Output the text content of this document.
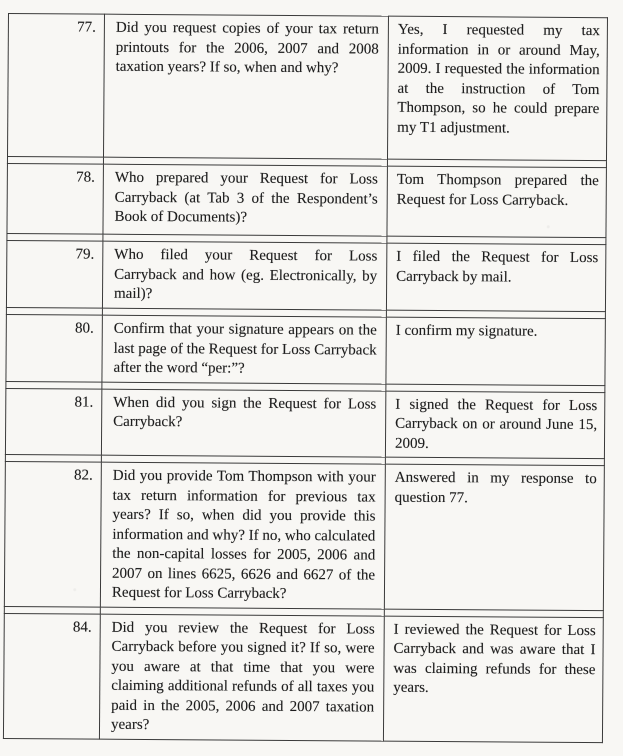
77.	Did you request copies of your tax return printouts for the 2006, 2007 and 2008 taxation years? If so, when and why?	Yes, I requested my tax information in or around May, 2009. I requested the information at the instruction of Tom Thompson, so he could prepare my T1 adjustment.

78.	Who prepared your Request for Loss Carryback (at Tab 3 of the Respondent’s Book of Documents)?	Tom Thompson prepared the Request for Loss Carryback.

79.	Who filed your Request for Loss Carryback and how (eg. Electronically, by mail)?	I filed the Request for Loss Carryback by mail.

80.	Confirm that your signature appears on the last page of the Request for Loss Carryback after the word “per:”?	I confirm my signature.

81.	When did you sign the Request for Loss Carryback?	I signed the Request for Loss Carryback on or around June 15, 2009.

82.	Did you provide Tom Thompson with your tax return information for previous tax years? If so, when did you provide this information and why? If no, who calculated the non-capital losses for 2005, 2006 and 2007 on lines 6625, 6626 and 6627 of the Request for Loss Carryback?	Answered in my response to question 77.

84.	Did you review the Request for Loss Carryback before you signed it? If so, were you aware at that time that you were claiming additional refunds of all taxes you paid in the 2005, 2006 and 2007 taxation years?	I reviewed the Request for Loss Carryback and was aware that I was claiming refunds for these years.
